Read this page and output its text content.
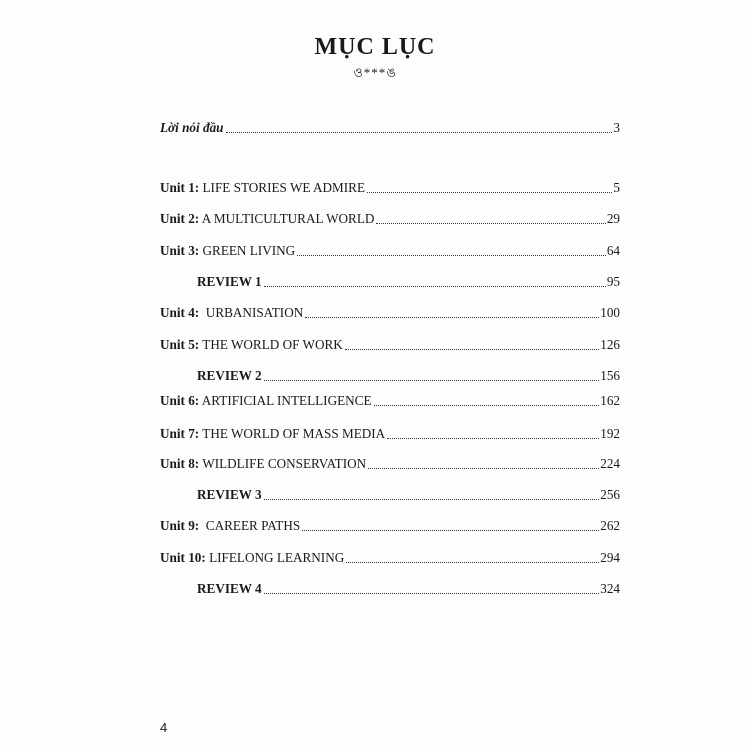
MỤC LỤC
ও***ঙ
Lời nói đầu	3
Unit 1: LIFE STORIES WE ADMIRE	5
Unit 2: A MULTICULTURAL WORLD	29
Unit 3: GREEN LIVING	64
REVIEW 1	95
Unit 4:  URBANISATION	100
Unit 5: THE WORLD OF WORK	126
REVIEW 2	156
Unit 6: ARTIFICIAL INTELLIGENCE	162
Unit 7: THE WORLD OF MASS MEDIA	192
Unit 8: WILDLIFE CONSERVATION	224
REVIEW 3	256
Unit 9:  CAREER PATHS	262
Unit 10: LIFELONG LEARNING	294
REVIEW 4	324
4
